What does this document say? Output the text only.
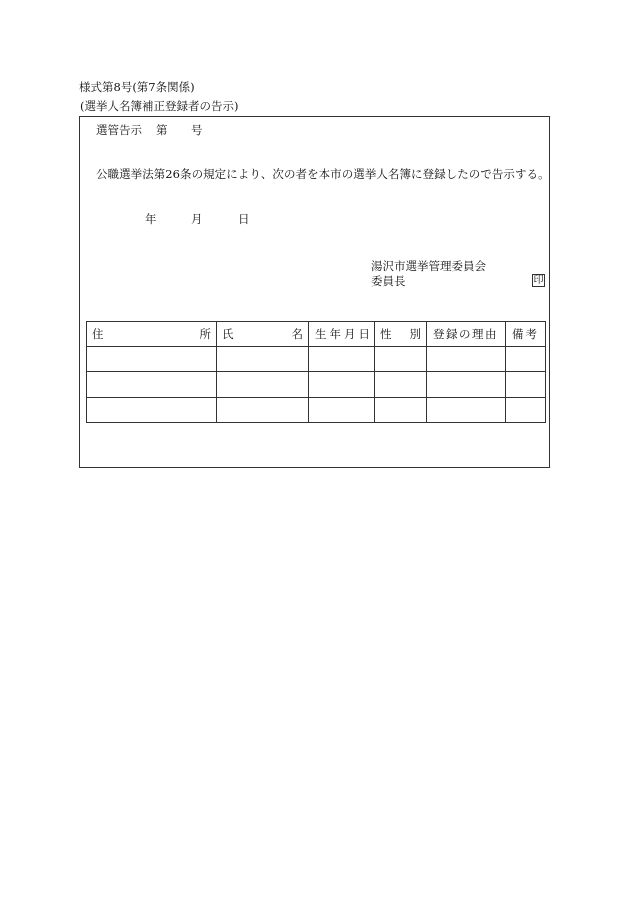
様式第8号(第7条関係)
(選挙人名簿補正登録者の告示)
選管告示 第 号
公職選挙法第26条の規定により、次の者を本市の選挙人名簿に登録したので告示する。
年	月	日
湯沢市選挙管理委員会
委員長	印
住 所	氏 名	生年月日	性 別	登録の理由	備考
